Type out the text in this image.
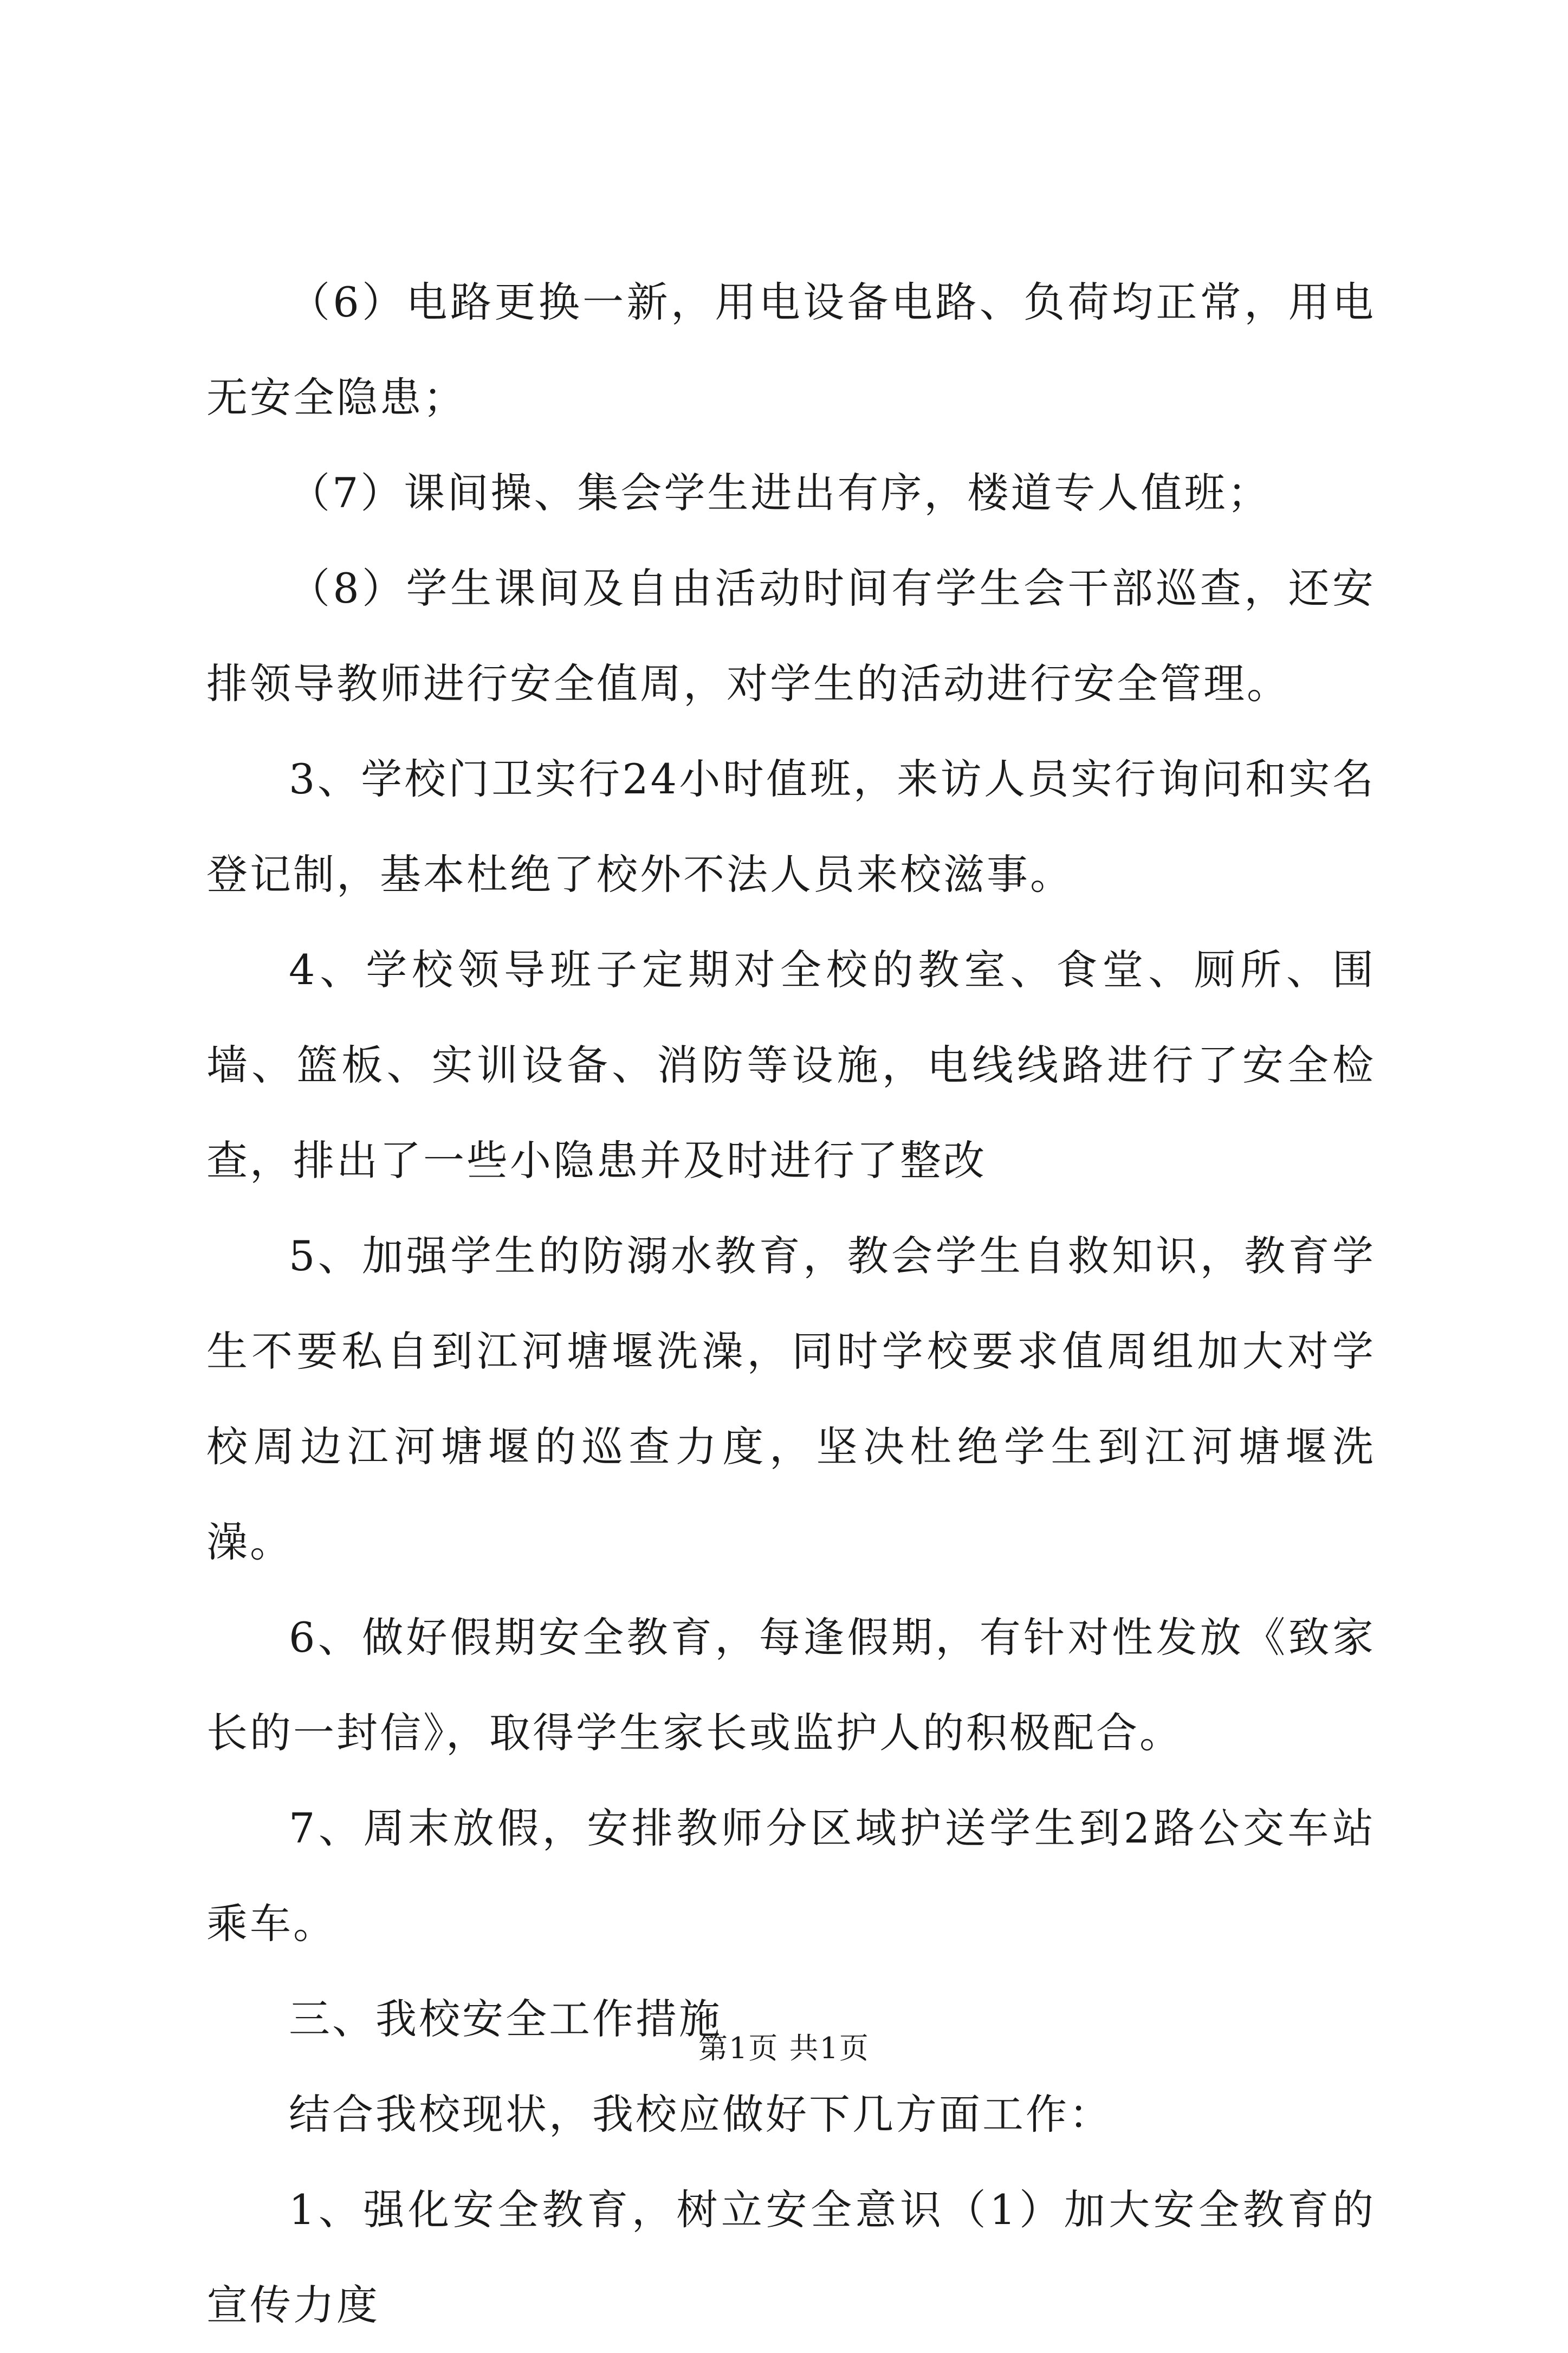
（6）电路更换一新，用电设备电路、负荷均正常，用电无安全隐患；

（7）课间操、集会学生进出有序，楼道专人值班；

（8）学生课间及自由活动时间有学生会干部巡查，还安排领导教师进行安全值周，对学生的活动进行安全管理。

3、学校门卫实行24小时值班，来访人员实行询问和实名登记制，基本杜绝了校外不法人员来校滋事。

4、学校领导班子定期对全校的教室、食堂、厕所、围墙、篮板、实训设备、消防等设施，电线线路进行了安全检查，排出了一些小隐患并及时进行了整改

5、加强学生的防溺水教育，教会学生自救知识，教育学生不要私自到江河塘堰洗澡，同时学校要求值周组加大对学校周边江河塘堰的巡查力度，坚决杜绝学生到江河塘堰洗澡。

6、做好假期安全教育，每逢假期，有针对性发放《致家长的一封信》，取得学生家长或监护人的积极配合。

7、周末放假，安排教师分区域护送学生到2路公交车站乘车。

三、我校安全工作措施

结合我校现状，我校应做好下几方面工作：

1、强化安全教育，树立安全意识（1）加大安全教育的宣传力度

第1页 共1页
